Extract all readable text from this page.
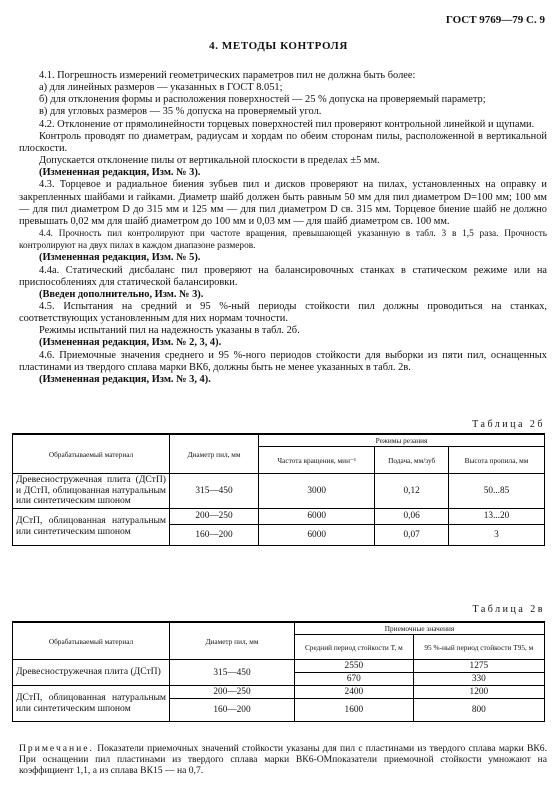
ГОСТ 9769—79 С. 9
4. МЕТОДЫ КОНТРОЛЯ

4.1. Погрешность измерений геометрических параметров пил не должна быть более:

а) для линейных размеров — указанных в ГОСТ 8.051;

б) для отклонения формы и расположения поверхностей — 25 % допуска на проверяемый параметр;

в) для угловых размеров — 35 % допуска на проверяемый угол.

4.2. Отклонение от прямолинейности торцевых поверхностей пил проверяют контрольной линейкой и щупами.

Контроль проводят по диаметрам, радиусам и хордам по обеим сторонам пилы, расположенной в вертикальной плоскости.

Допускается отклонение пилы от вертикальной плоскости в пределах ±5 мм.

(Измененная редакция, Изм. № 3).

4.3. Торцевое и радиальное биения зубьев пил и дисков проверяют на пилах, установленных на оправку и закрепленных шайбами и гайками. Диаметр шайб должен быть равным 50 мм для пил диаметром D=100 мм; 100 мм — для пил диаметром D до 315 мм и 125 мм — для пил диаметром D св. 315 мм. Торцевое биение шайб не должно превышать 0,02 мм для шайб диаметром до 100 мм и 0,03 мм — для шайб диаметром св. 100 мм.

4.4. Прочность пил контролируют при частоте вращения, превышающей указанную в табл. 3 в 1,5 раза. Прочность контролируют на двух пилах в каждом диапазоне размеров.

(Измененная редакция, Изм. № 5).

4.4а. Статический дисбаланс пил проверяют на балансировочных станках в статическом режиме или на приспособлениях для статической балансировки.

(Введен дополнительно, Изм. № 3).

4.5. Испытания на средний и 95 %-ный периоды стойкости пил должны проводиться на станках, соответствующих установленным для них нормам точности.

Режимы испытаний пил на надежность указаны в табл. 2б.

(Измененная редакция, Изм. № 2, 3, 4).

4.6. Приемочные значения среднего и 95 %-ного периодов стойкости для выборки из пяти пил, оснащенных пластинами из твердого сплава марки ВК6, должны быть не менее указанных в табл. 2в.

(Измененная редакция, Изм. № 3, 4).

Таблица 2б
Обрабатываемый материал	Диаметр пил, мм	Режимы резания		
		Частота вращения, мин⁻¹	Подача, мм/зуб	Высота пропила, мм
Древесностружечная плита (ДСтП) и ДСтП, облицованная натуральным или синтетическим шпоном	315—450	3000	0,12	50...85
ДСтП, облицованная натуральным или синтетическим шпоном	200—250	6000	0,06	13...20
	160—200	6000	0,07	3
Таблица 2в
Обрабатываемый материал	Диаметр пил, мм	Приемочные значения	
		Средний период стойкости T, м	95 %-ный период стойкости T95, м
Древесностружечная плита (ДСтП)	315—450	2550	1275
		670	330
ДСтП, облицованная натуральным или синтетическим шпоном	200—250	2400	1200
	160—200	1600	800
Примечание. Показатели приемочных значений стойкости указаны для пил с пластинами из твердого сплава марки ВК6. При оснащении пил пластинами из твердого сплава марки ВК6-ОМпоказатели приемочной стойкости умножают на коэффициент 1,1, а из сплава ВК15 — на 0,7.
